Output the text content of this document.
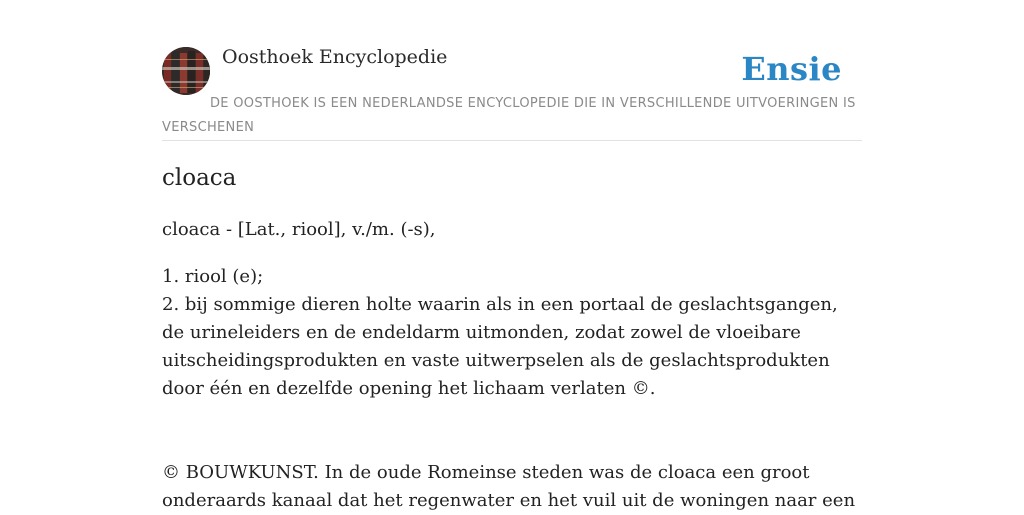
Oosthoek Encyclopedie	Ensie
DE OOSTHOEK IS EEN NEDERLANDSE ENCYCLOPEDIE DIE IN VERSCHILLENDE UITVOERINGEN IS VERSCHENEN
cloaca

cloaca - [Lat., riool], v./m. (-s),

1. riool (e);

2. bij sommige dieren holte waarin als in een portaal de geslachtsgangen, de urineleiders en de endeldarm uitmonden, zodat zowel de vloeibare uitscheidingsprodukten en vaste uitwerpselen als de geslachtsprodukten door één en dezelfde opening het lichaam verlaten ©.

© BOUWKUNST. In de oude Romeinse steden was de cloaca een groot onderaards kanaal dat het regenwater en het vuil uit de woningen naar een
